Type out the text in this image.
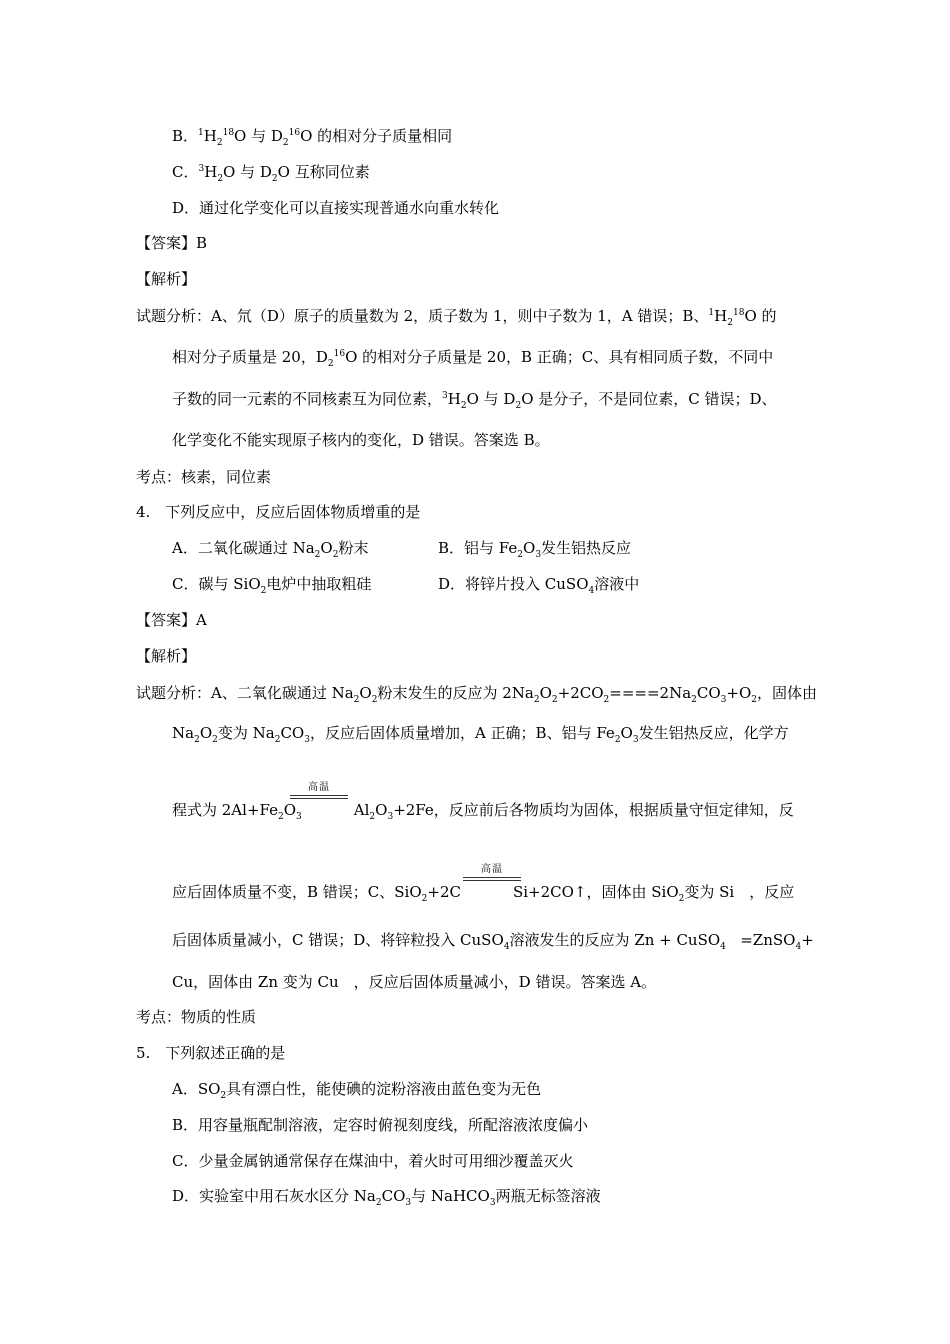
B．$^1H_2^{18}O$ 与 $D_2^{16}O$ 的相对分子质量相同
C．$^3H_2O$ 与 $D_2O$ 互称同位素
D．通过化学变化可以直接实现普通水向重水转化
【答案】B
【解析】
试题分析：A、氘（D）原子的质量数为 2，质子数为 1，则中子数为 1，A 错误；B、$^1H_2^{18}O$ 的
相对分子质量是 20，$D_2^{16}O$ 的相对分子质量是 20，B 正确；C、具有相同质子数，不同中
子数的同一元素的不同核素互为同位素，$^3H_2O$ 与 $D_2O$ 是分子，不是同位素，C 错误；D、
化学变化不能实现原子核内的变化，D 错误。答案选 B。
考点：核素，同位素
4.　下列反应中，反应后固体物质增重的是
A．二氧化碳通过 $Na_2O_2$粉末	B．铝与 $Fe_2O_3$发生铝热反应
C．碳与 SiO$_2$电炉中抽取粗硅	D．将锌片投入 CuSO$_4$溶液中
【答案】A
【解析】
试题分析：A、二氧化碳通过 $Na_2O_2$粉末发生的反应为 $2Na_2O_2+2CO_2====2Na_2CO_3+O_2$，固体由
$Na_2O_2$变为 $Na_2CO_3$，反应后固体质量增加，A 正确；B、铝与 $Fe_2O_3$发生铝热反应，化学方
高温
程式为 $2Al+Fe_2O_3$	$Al_2O_3+2Fe$，反应前后各物质均为固体，根据质量守恒定律知，反
高温
应后固体质量不变，B 错误；C、SiO$_2$+2C	Si+2CO↑，固体由 SiO$_2$变为 Si　，反应
后固体质量减小，C 错误；D、将锌粒投入 CuSO$_4$溶液发生的反应为 Zn + CuSO$_4$ =ZnSO$_4$+
Cu，固体由 Zn 变为 Cu　，反应后固体质量减小，D 错误。答案选 A。
考点：物质的性质
5.　下列叙述正确的是
A．$SO_2$具有漂白性，能使碘的淀粉溶液由蓝色变为无色
B．用容量瓶配制溶液，定容时俯视刻度线，所配溶液浓度偏小
C．少量金属钠通常保存在煤油中，着火时可用细沙覆盖灭火
D．实验室中用石灰水区分 $Na_2CO_3$与 NaHCO$_3$两瓶无标签溶液
